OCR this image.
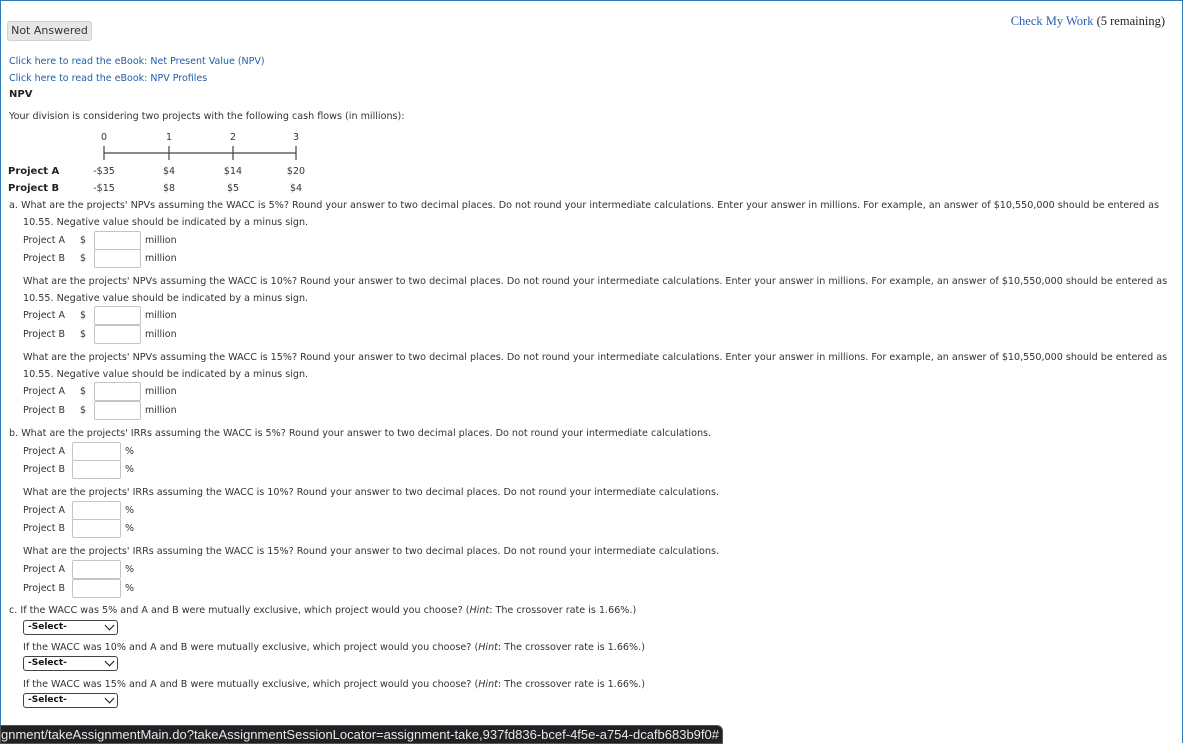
Not Answered
Check My Work (5 remaining)
Click here to read the eBook: Net Present Value (NPV)
Click here to read the eBook: NPV Profiles
NPV
Your division is considering two projects with the following cash flows (in millions):
0	1	2	3
Project A	-$35	$4	$14	$20
Project B	-$15	$8	$5	$4
a. What are the projects' NPVs assuming the WACC is 5%? Round your answer to two decimal places. Do not round your intermediate calculations. Enter your answer in millions. For example, an answer of $10,550,000 should be entered as
10.55. Negative value should be indicated by a minus sign.
Project A $	million
Project B $	million
What are the projects' NPVs assuming the WACC is 10%? Round your answer to two decimal places. Do not round your intermediate calculations. Enter your answer in millions. For example, an answer of $10,550,000 should be entered as
10.55. Negative value should be indicated by a minus sign.
Project A $	million
Project B $	million
What are the projects' NPVs assuming the WACC is 15%? Round your answer to two decimal places. Do not round your intermediate calculations. Enter your answer in millions. For example, an answer of $10,550,000 should be entered as
10.55. Negative value should be indicated by a minus sign.
Project A $	million
Project B $	million
b. What are the projects' IRRs assuming the WACC is 5%? Round your answer to two decimal places. Do not round your intermediate calculations.
Project A	%
Project B	%
What are the projects' IRRs assuming the WACC is 10%? Round your answer to two decimal places. Do not round your intermediate calculations.
Project A	%
Project B	%
What are the projects' IRRs assuming the WACC is 15%? Round your answer to two decimal places. Do not round your intermediate calculations.
Project A	%
Project B	%
c. If the WACC was 5% and A and B were mutually exclusive, which project would you choose? (Hint: The crossover rate is 1.66%.)
-Select-
If the WACC was 10% and A and B were mutually exclusive, which project would you choose? (Hint: The crossover rate is 1.66%.)
-Select-
If the WACC was 15% and A and B were mutually exclusive, which project would you choose? (Hint: The crossover rate is 1.66%.)
-Select-
gnment/takeAssignmentMain.do?takeAssignmentSessionLocator=assignment-take,937fd836-bcef-4f5e-a754-dcafb683b9f0#
